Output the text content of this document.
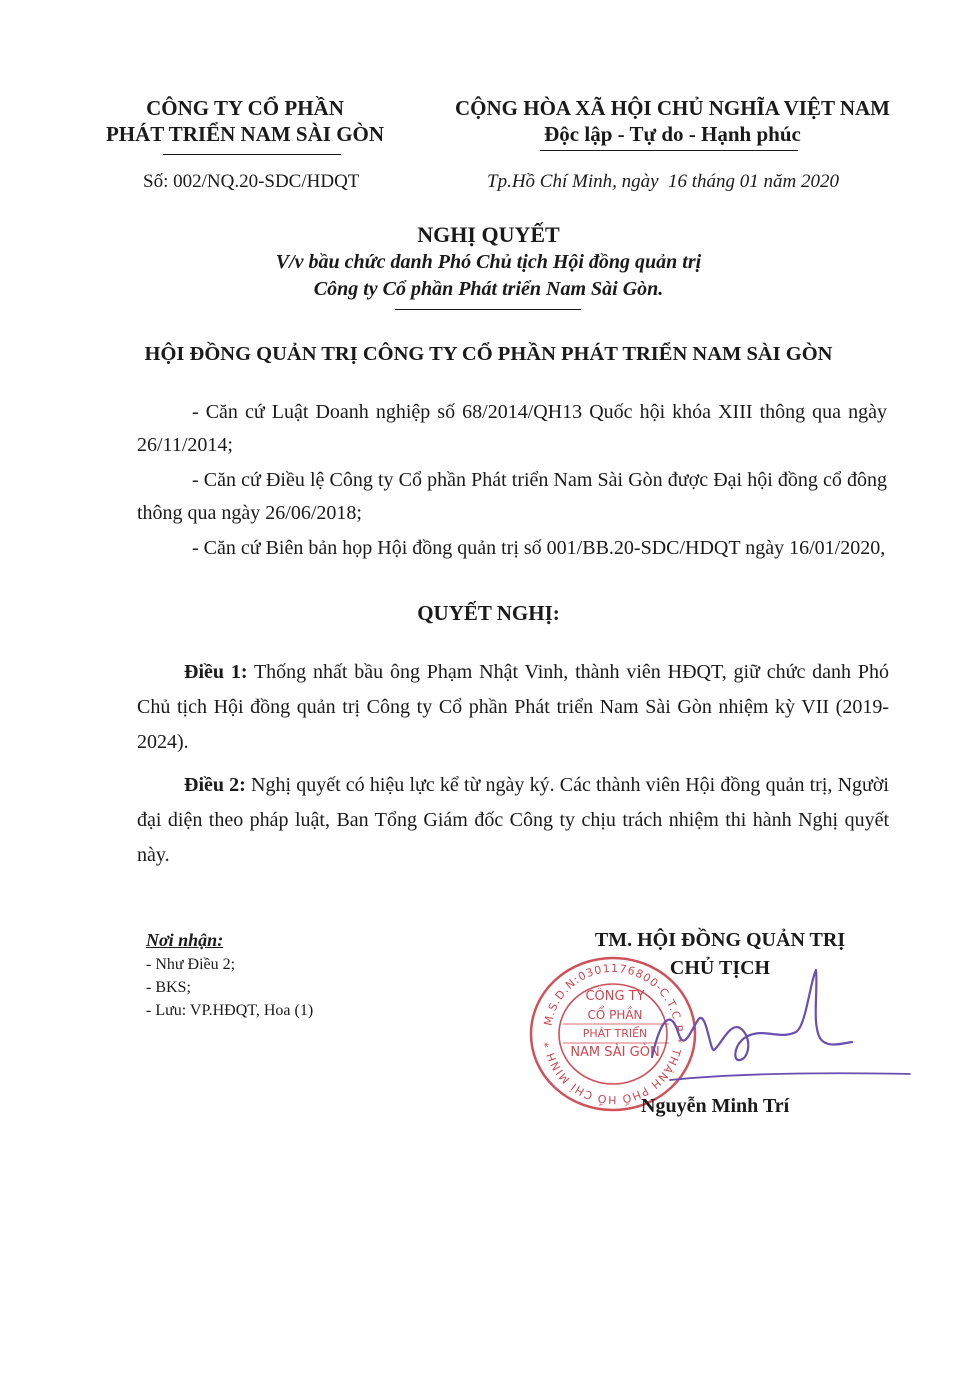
CÔNG TY CỔ PHẦN
PHÁT TRIỂN NAM SÀI GÒN
CỘNG HÒA XÃ HỘI CHỦ NGHĨA VIỆT NAM
Độc lập - Tự do - Hạnh phúc
Số: 002/NQ.20-SDC/HDQT	Tp.Hồ Chí Minh, ngày  16 tháng 01 năm 2020
NGHỊ QUYẾT
V/v bầu chức danh Phó Chủ tịch Hội đồng quản trị
Công ty Cổ phần Phát triển Nam Sài Gòn.
HỘI ĐỒNG QUẢN TRỊ CÔNG TY CỔ PHẦN PHÁT TRIỂN NAM SÀI GÒN
- Căn cứ Luật Doanh nghiệp số 68/2014/QH13 Quốc hội khóa XIII thông qua ngày 26/11/2014;
- Căn cứ Điều lệ Công ty Cổ phần Phát triển Nam Sài Gòn được Đại hội đồng cổ đông thông qua ngày 26/06/2018;
- Căn cứ Biên bản họp Hội đồng quản trị số 001/BB.20-SDC/HDQT ngày 16/01/2020,
QUYẾT NGHỊ:
Điều 1: Thống nhất bầu ông Phạm Nhật Vinh, thành viên HĐQT, giữ chức danh Phó Chủ tịch Hội đồng quản trị Công ty Cổ phần Phát triển Nam Sài Gòn nhiệm kỳ VII (2019-2024).
Điều 2: Nghị quyết có hiệu lực kể từ ngày ký. Các thành viên Hội đồng quản trị, Người đại diện theo pháp luật, Ban Tổng Giám đốc Công ty chịu trách nhiệm thi hành Nghị quyết này.
Nơi nhận:
- Như Điều 2;
- BKS;
- Lưu: VP.HĐQT, Hoa (1)
TM. HỘI ĐỒNG QUẢN TRỊ
CHỦ TỊCH
M.S.D.N:0301176800-C.T.C.P * THÀNH PHỐ HỒ CHÍ MINH *
CÔNG TY
CỔ PHẦN
PHÁT TRIỂN
NAM SÀI GÒN
Nguyễn Minh Trí
